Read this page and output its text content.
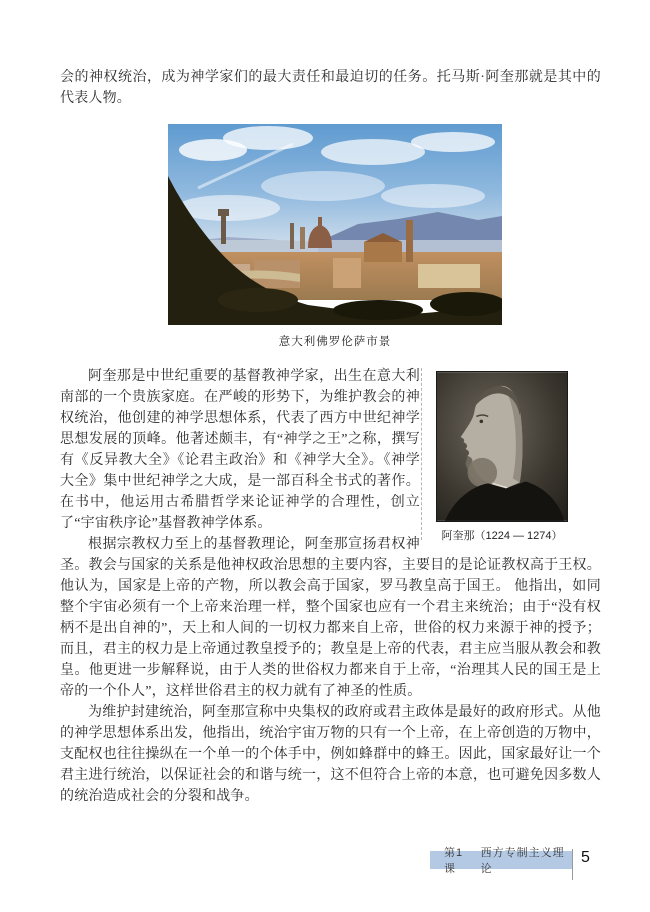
会的神权统治，成为神学家们的最大责任和最迫切的任务。托马斯·阿奎那就是其中的代表人物。

意大利佛罗伦萨市景
阿奎那（1224 — 1274）

阿奎那是中世纪重要的基督教神学家，出生在意大利南部的一个贵族家庭。在严峻的形势下，为维护教会的神权统治，他创建的神学思想体系，代表了西方中世纪神学思想发展的顶峰。他著述颇丰，有“神学之王”之称，撰写有《反异教大全》《论君主政治》和《神学大全》。《神学大全》集中世纪神学之大成，是一部百科全书式的著作。在书中，他运用古希腊哲学来论证神学的合理性，创立了“宇宙秩序论”基督教神学体系。

根据宗教权力至上的基督教理论，阿奎那宣扬君权神圣。教会与国家的关系是他神权政治思想的主要内容，主要目的是论证教权高于王权。他认为，国家是上帝的产物，所以教会高于国家，罗马教皇高于国王。 他指出，如同整个宇宙必须有一个上帝来治理一样，整个国家也应有一个君主来统治；由于“没有权柄不是出自神的”，天上和人间的一切权力都来自上帝，世俗的权力来源于神的授予；而且，君主的权力是上帝通过教皇授予的；教皇是上帝的代表，君主应当服从教会和教皇。他更进一步解释说，由于人类的世俗权力都来自于上帝，“治理其人民的国王是上帝的一个仆人”，这样世俗君主的权力就有了神圣的性质。

为维护封建统治，阿奎那宣称中央集权的政府或君主政体是最好的政府形式。从他的神学思想体系出发，他指出，统治宇宙万物的只有一个上帝，在上帝创造的万物中，支配权也往往操纵在一个单一的个体手中，例如蜂群中的蜂王。因此，国家最好让一个君主进行统治，以保证社会的和谐与统一，这不但符合上帝的本意，也可避免因多数人的统治造成社会的分裂和战争。

第1课
西方专制主义理论
5
